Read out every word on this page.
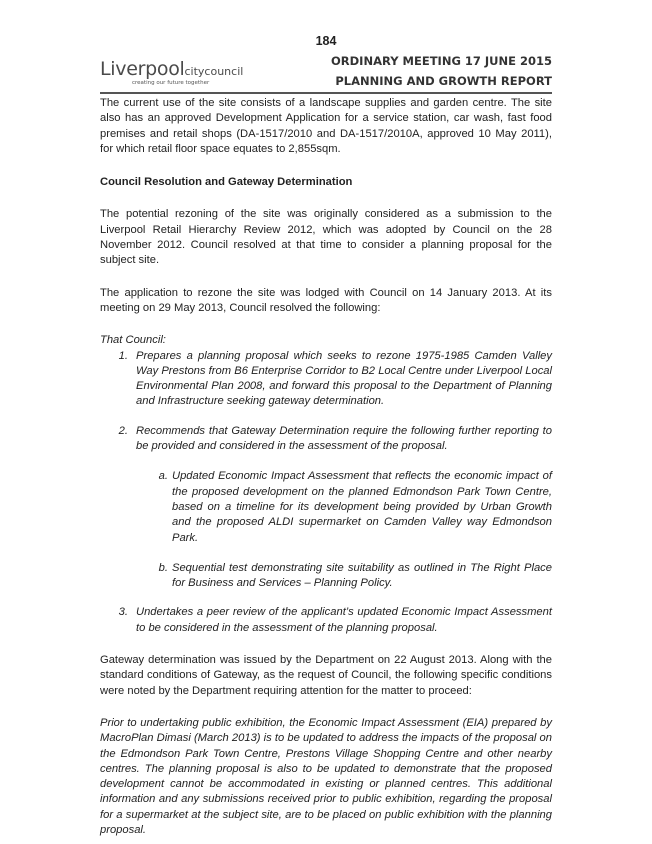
184
Liverpoolcitycouncil
creating our future together
ORDINARY MEETING 17 JUNE 2015
PLANNING AND GROWTH REPORT

The current use of the site consists of a landscape supplies and garden centre. The site also has an approved Development Application for a service station, car wash, fast food premises and retail shops (DA-1517/2010 and DA-1517/2010A, approved 10 May 2011), for which retail floor space equates to 2,855sqm.

Council Resolution and Gateway Determination

The potential rezoning of the site was originally considered as a submission to the Liverpool Retail Hierarchy Review 2012, which was adopted by Council on the 28 November 2012. Council resolved at that time to consider a planning proposal for the subject site.

The application to rezone the site was lodged with Council on 14 January 2013. At its meeting on 29 May 2013, Council resolved the following:

That Council:

1. Prepares a planning proposal which seeks to rezone 1975-1985 Camden Valley Way Prestons from B6 Enterprise Corridor to B2 Local Centre under Liverpool Local Environmental Plan 2008, and forward this proposal to the Department of Planning and Infrastructure seeking gateway determination.
2. Recommends that Gateway Determination require the following further reporting to be provided and considered in the assessment of the proposal.
a. Updated Economic Impact Assessment that reflects the economic impact of the proposed development on the planned Edmondson Park Town Centre, based on a timeline for its development being provided by Urban Growth and the proposed ALDI supermarket on Camden Valley way Edmondson Park.
b. Sequential test demonstrating site suitability as outlined in The Right Place for Business and Services – Planning Policy.
3. Undertakes a peer review of the applicant’s updated Economic Impact Assessment to be considered in the assessment of the planning proposal.

Gateway determination was issued by the Department on 22 August 2013. Along with the standard conditions of Gateway, as the request of Council, the following specific conditions were noted by the Department requiring attention for the matter to proceed:

Prior to undertaking public exhibition, the Economic Impact Assessment (EIA) prepared by MacroPlan Dimasi (March 2013) is to be updated to address the impacts of the proposal on the Edmondson Park Town Centre, Prestons Village Shopping Centre and other nearby centres. The planning proposal is also to be updated to demonstrate that the proposed development cannot be accommodated in existing or planned centres. This additional information and any submissions received prior to public exhibition, regarding the proposal for a supermarket at the subject site, are to be placed on public exhibition with the planning proposal.
